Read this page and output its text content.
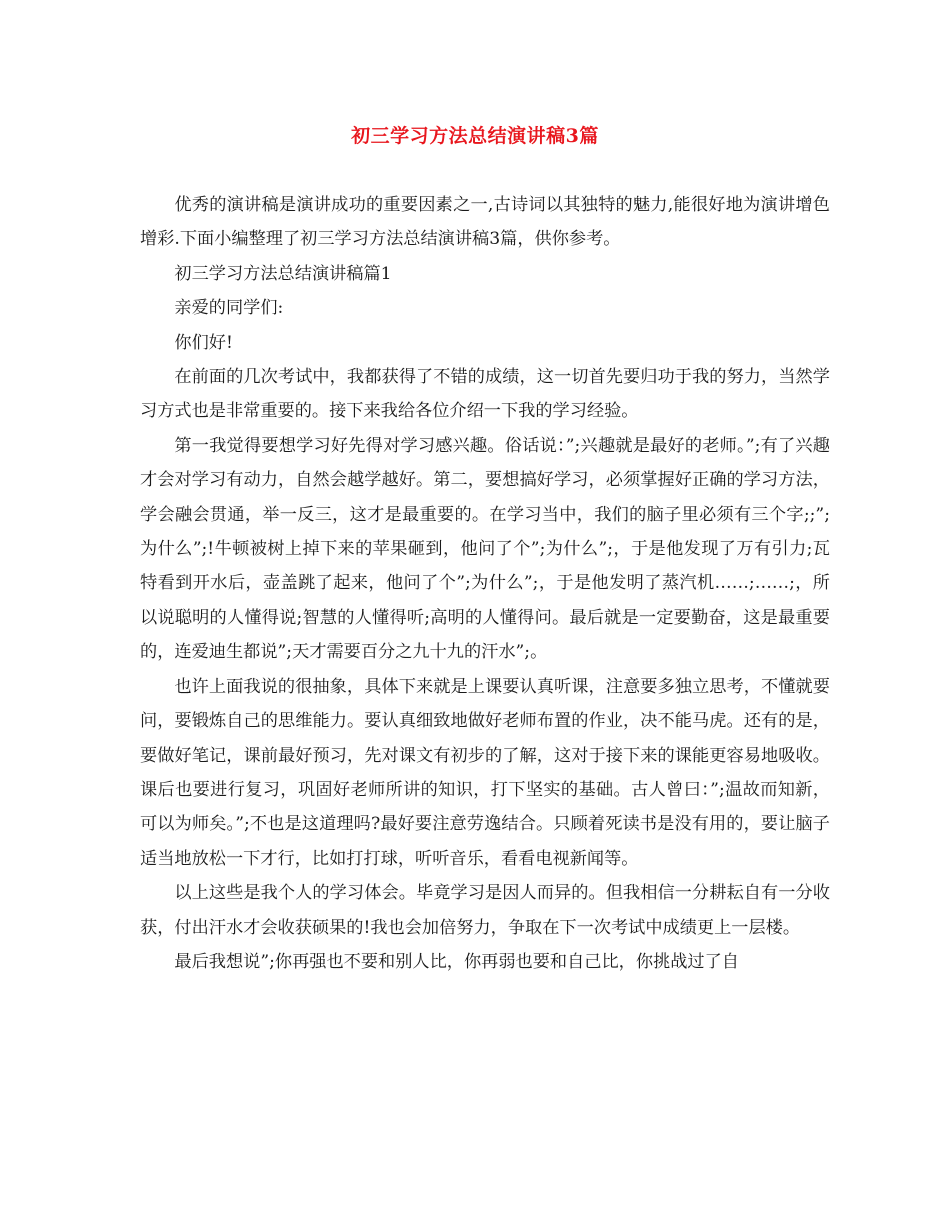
初三学习方法总结演讲稿3篇

优秀的演讲稿是演讲成功的重要因素之一,古诗词以其独特的魅力,能很好地为演讲增色增彩.下面小编整理了初三学习方法总结演讲稿3篇，供你参考。

初三学习方法总结演讲稿篇1

亲爱的同学们:

你们好!

在前面的几次考试中，我都获得了不错的成绩，这一切首先要归功于我的努力，当然学习方式也是非常重要的。接下来我给各位介绍一下我的学习经验。

第一我觉得要想学习好先得对学习感兴趣。俗话说：”;兴趣就是最好的老师。”;有了兴趣才会对学习有动力，自然会越学越好。第二，要想搞好学习，必须掌握好正确的学习方法，学会融会贯通，举一反三，这才是最重要的。在学习当中，我们的脑子里必须有三个字;;”;为什么”;!牛顿被树上掉下来的苹果砸到，他问了个”;为什么”;，于是他发现了万有引力;瓦特看到开水后，壶盖跳了起来，他问了个”;为什么”;，于是他发明了蒸汽机……;……;，所以说聪明的人懂得说;智慧的人懂得听;高明的人懂得问。最后就是一定要勤奋，这是最重要的，连爱迪生都说”;天才需要百分之九十九的汗水”;。

也许上面我说的很抽象，具体下来就是上课要认真听课，注意要多独立思考，不懂就要问，要锻炼自己的思维能力。要认真细致地做好老师布置的作业，决不能马虎。还有的是，要做好笔记，课前最好预习，先对课文有初步的了解，这对于接下来的课能更容易地吸收。课后也要进行复习，巩固好老师所讲的知识，打下坚实的基础。古人曾曰：”;温故而知新，可以为师矣。”;不也是这道理吗?最好要注意劳逸结合。只顾着死读书是没有用的，要让脑子适当地放松一下才行，比如打打球，听听音乐，看看电视新闻等。

以上这些是我个人的学习体会。毕竟学习是因人而异的。但我相信一分耕耘自有一分收获，付出汗水才会收获硕果的!我也会加倍努力，争取在下一次考试中成绩更上一层楼。

最后我想说”;你再强也不要和别人比，你再弱也要和自己比，你挑战过了自
